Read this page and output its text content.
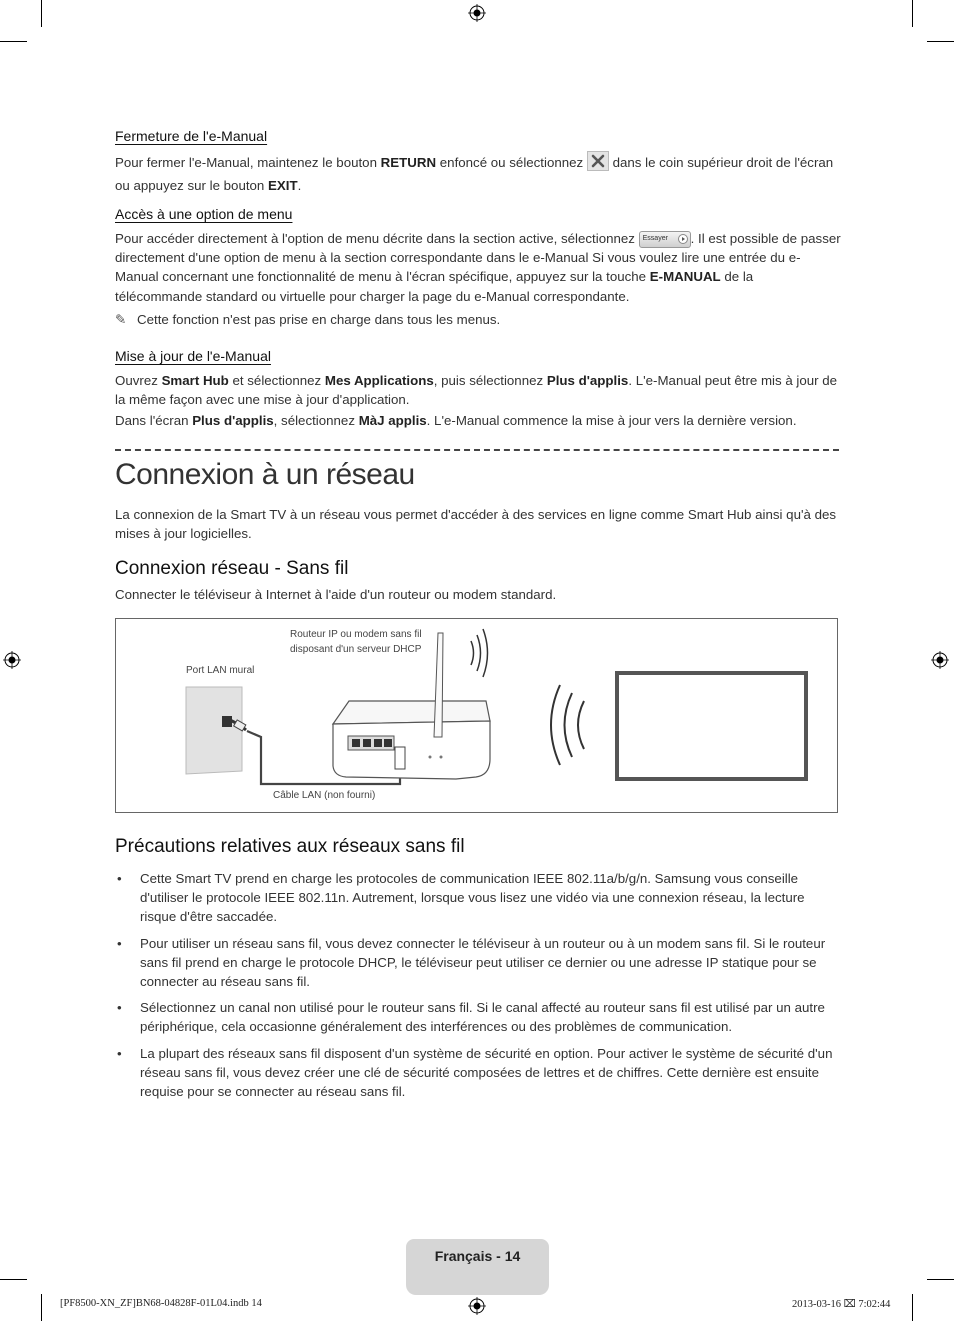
Fermeture de l'e-Manual
Pour fermer l'e-Manual, maintenez le bouton RETURN enfoncé ou sélectionnez  dans le coin supérieur droit de l'écran ou appuyez sur le bouton EXIT.
Accès à une option de menu
Pour accéder directement à l'option de menu décrite dans la section active, sélectionnez Essayer . Il est possible de passer directement d'une option de menu à la section correspondante dans le e-Manual Si vous voulez lire une entrée du e-Manual concernant une fonctionnalité de menu à l'écran spécifique, appuyez sur la touche E-MANUAL de la télécommande standard ou virtuelle pour charger la page du e-Manual correspondante.
✎ Cette fonction n'est pas prise en charge dans tous les menus.
Mise à jour de l'e-Manual
Ouvrez Smart Hub et sélectionnez Mes Applications, puis sélectionnez Plus d'applis. L'e-Manual peut être mis à jour de la même façon avec une mise à jour d'application.
Dans l'écran Plus d'applis, sélectionnez MàJ applis. L'e-Manual commence la mise à jour vers la dernière version.
Connexion à un réseau
La connexion de la Smart TV à un réseau vous permet d'accéder à des services en ligne comme Smart Hub ainsi qu'à des mises à jour logicielles.
Connexion réseau - Sans fil
Connecter le téléviseur à Internet à l'aide d'un routeur ou modem standard.
Routeur IP ou modem sans fil
disposant d'un serveur DHCP
Port LAN mural
Câble LAN (non fourni)
Précautions relatives aux réseaux sans fil
• Cette Smart TV prend en charge les protocoles de communication IEEE 802.11a/b/g/n. Samsung vous conseille d'utiliser le protocole IEEE 802.11n. Autrement, lorsque vous lisez une vidéo via une connexion réseau, la lecture risque d'être saccadée.
• Pour utiliser un réseau sans fil, vous devez connecter le téléviseur à un routeur ou à un modem sans fil. Si le routeur sans fil prend en charge le protocole DHCP, le téléviseur peut utiliser ce dernier ou une adresse IP statique pour se connecter au réseau sans fil.
• Sélectionnez un canal non utilisé pour le routeur sans fil. Si le canal affecté au routeur sans fil est utilisé par un autre périphérique, cela occasionne généralement des interférences ou des problèmes de communication.
• La plupart des réseaux sans fil disposent d'un système de sécurité en option. Pour activer le système de sécurité d'un réseau sans fil, vous devez créer une clé de sécurité composées de lettres et de chiffres. Cette dernière est ensuite requise pour se connecter au réseau sans fil.
Français - 14
[PF8500-XN_ZF]BN68-04828F-01L04.indb 14	2013-03-16 ⌧ 7:02:44
